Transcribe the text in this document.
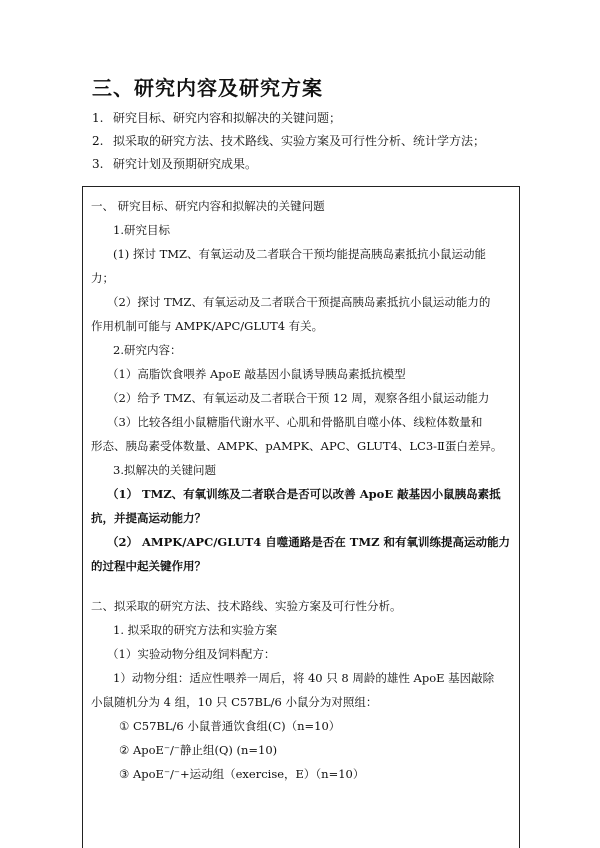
三、研究内容及研究方案
1. 研究目标、研究内容和拟解决的关键问题；
2. 拟采取的研究方法、技术路线、实验方案及可行性分析、统计学方法；
3. 研究计划及预期研究成果。
一、 研究目标、研究内容和拟解决的关键问题
1.研究目标
(1) 探讨 TMZ、有氧运动及二者联合干预均能提高胰岛素抵抗小鼠运动能
力；
（2）探讨 TMZ、有氧运动及二者联合干预提高胰岛素抵抗小鼠运动能力的
作用机制可能与 AMPK/APC/GLUT4 有关。
2.研究内容：
（1）高脂饮食喂养 ApoE 敲基因小鼠诱导胰岛素抵抗模型
（2）给予 TMZ、有氧运动及二者联合干预 12 周，观察各组小鼠运动能力
（3）比较各组小鼠糖脂代谢水平、心肌和骨骼肌自噬小体、线粒体数量和
形态、胰岛素受体数量、AMPK、pAMPK、APC、GLUT4、LC3-Ⅱ蛋白差异。
3.拟解决的关键问题
（1） TMZ、有氧训练及二者联合是否可以改善 ApoE 敲基因小鼠胰岛素抵
抗，并提高运动能力？
（2） AMPK/APC/GLUT4 自噬通路是否在 TMZ 和有氧训练提高运动能力
的过程中起关键作用？
二、拟采取的研究方法、技术路线、实验方案及可行性分析。
1. 拟采取的研究方法和实验方案
（1）实验动物分组及饲料配方：
1）动物分组：适应性喂养一周后，将 40 只 8 周龄的雄性 ApoE 基因敲除
小鼠随机分为 4 组，10 只 C57BL/6 小鼠分为对照组：
① C57BL/6 小鼠普通饮食组(C)（n=10）
② ApoE⁻/⁻静止组(Q) (n=10)
③ ApoE⁻/⁻+运动组（exercise，E）（n=10）
